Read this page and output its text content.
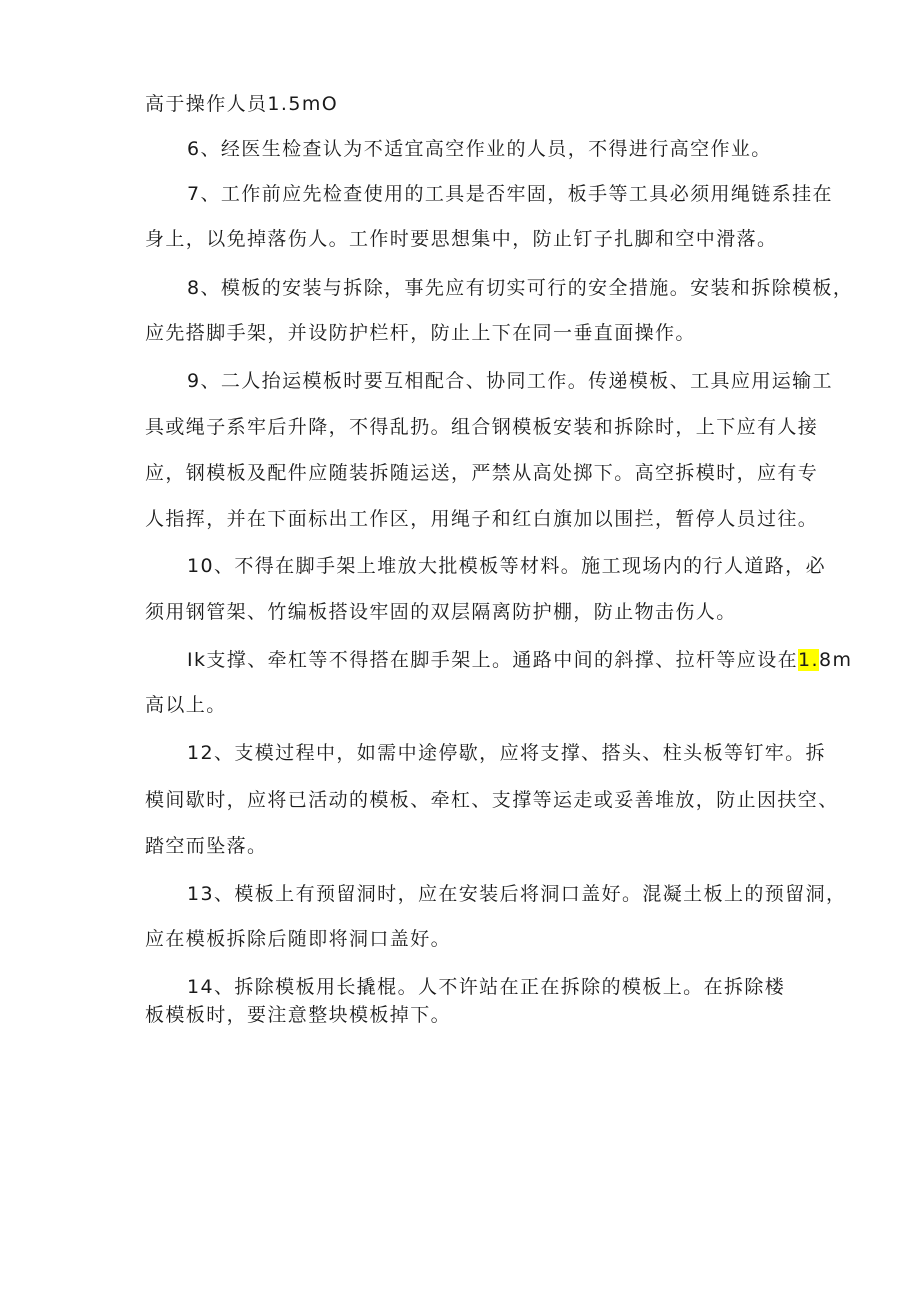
高于操作人员1.5mO
6、经医生检查认为不适宜高空作业的人员，不得进行高空作业。
7、工作前应先检查使用的工具是否牢固，板手等工具必须用绳链系挂在
身上，以免掉落伤人。工作时要思想集中，防止钉子扎脚和空中滑落。
8、模板的安装与拆除，事先应有切实可行的安全措施。安装和拆除模板，
应先搭脚手架，并设防护栏杆，防止上下在同一垂直面操作。
9、二人抬运模板时要互相配合、协同工作。传递模板、工具应用运输工
具或绳子系牢后升降，不得乱扔。组合钢模板安装和拆除时，上下应有人接
应，钢模板及配件应随装拆随运送，严禁从高处掷下。高空拆模时，应有专
人指挥，并在下面标出工作区，用绳子和红白旗加以围拦，暂停人员过往。
10、不得在脚手架上堆放大批模板等材料。施工现场内的行人道路，必
须用钢管架、竹编板搭设牢固的双层隔离防护棚，防止物击伤人。
Ik支撑、牵杠等不得搭在脚手架上。通路中间的斜撑、拉杆等应设在1.8m
高以上。
12、支模过程中，如需中途停歇，应将支撑、搭头、柱头板等钉牢。拆
模间歇时，应将已活动的模板、牵杠、支撑等运走或妥善堆放，防止因扶空、
踏空而坠落。
13、模板上有预留洞时，应在安装后将洞口盖好。混凝土板上的预留洞，
应在模板拆除后随即将洞口盖好。
14、拆除模板用长撬棍。人不许站在正在拆除的模板上。在拆除楼
板模板时，要注意整块模板掉下。
